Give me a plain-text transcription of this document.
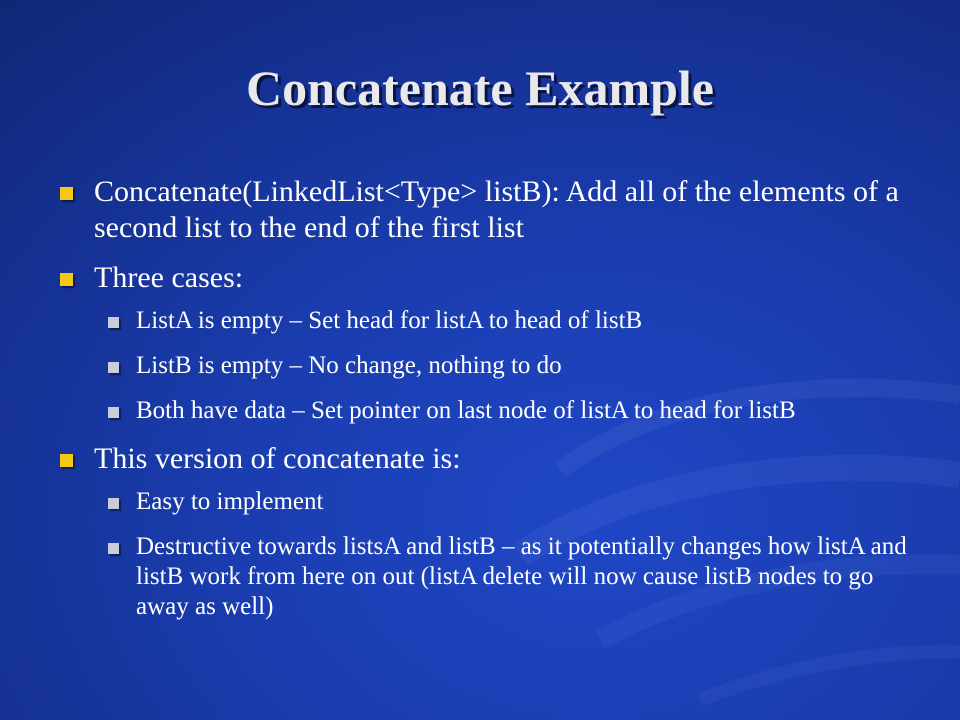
Concatenate Example
Concatenate(LinkedList<Type> listB): Add all of the elements of a second list to the end of the first list
Three cases:
ListA is empty – Set head for listA to head of listB
ListB is empty – No change, nothing to do
Both have data – Set pointer on last node of listA to head for listB
This version of concatenate is:
Easy to implement
Destructive towards listsA and listB – as it potentially changes how listA and listB work from here on out (listA delete will now cause listB nodes to go away as well)
